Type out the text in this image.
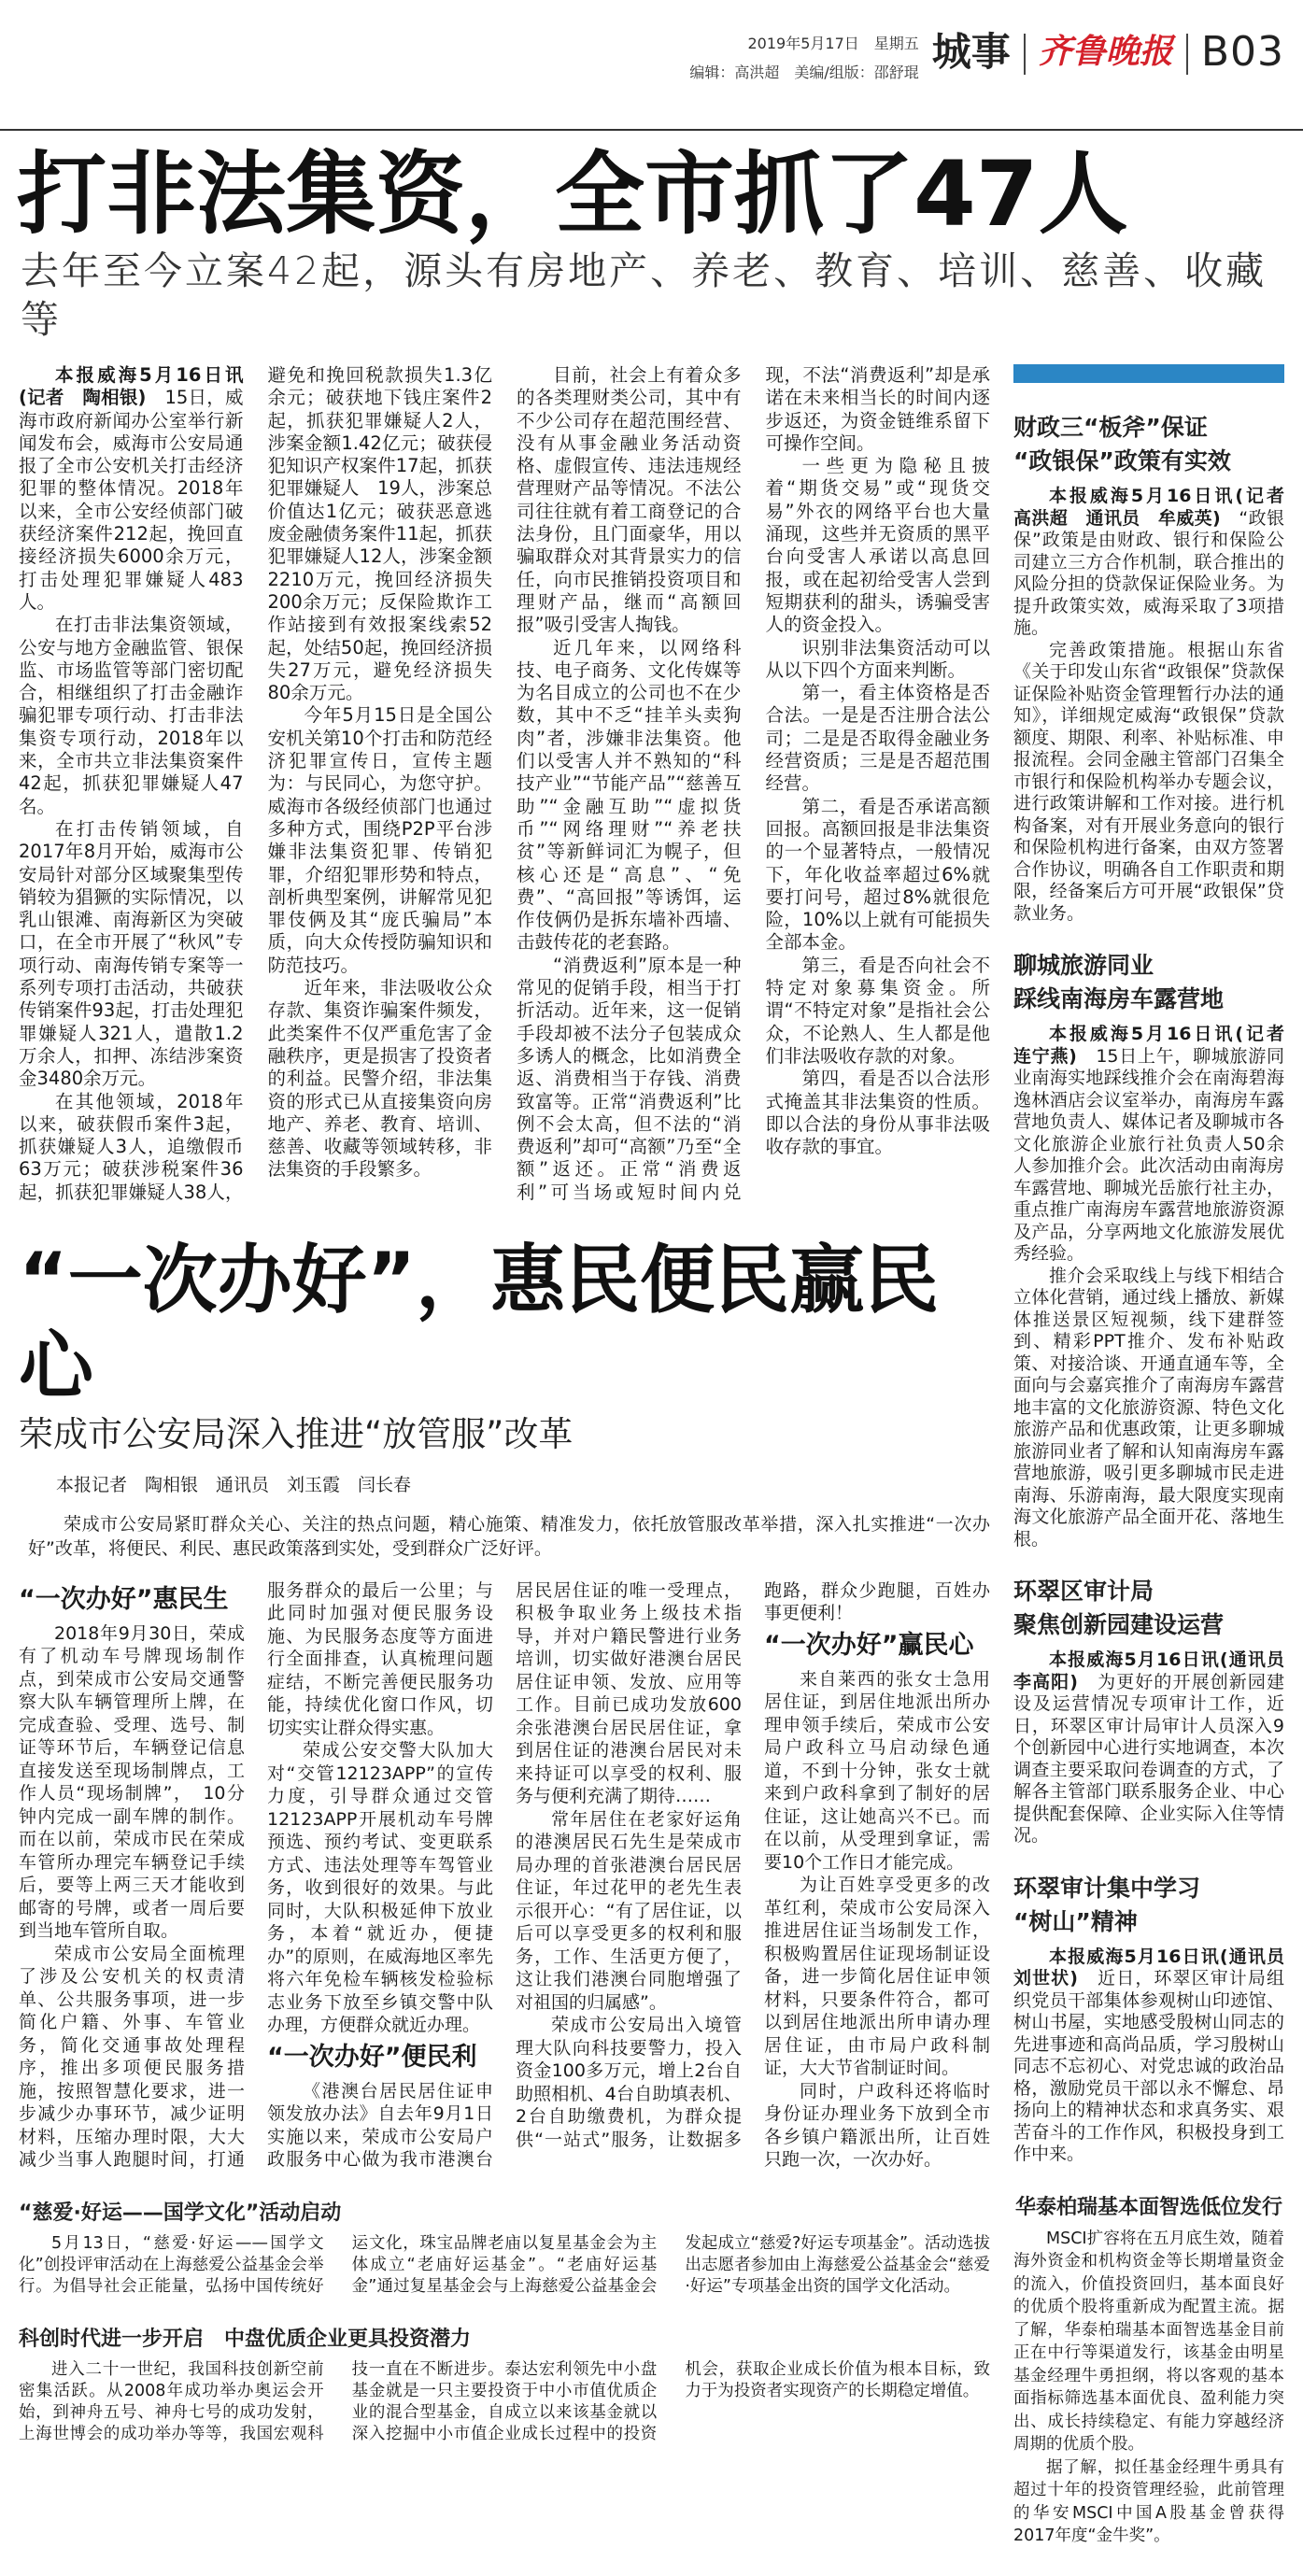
2019年5月17日　 星期五
编辑：高洪超　美编/组版：邵舒琨 城事 齐鲁晚报 B03
打非法集资，全市抓了47人
去年至今立案42起，源头有房地产、养老、教育、培训、慈善、收藏等

本报威海5月16日讯(记者　陶相银)　 15日，威海市政府新闻办公室举行新闻发布会，威海市公安局通报了全市公安机关打击经济犯罪的整体情况。2018年以来，全市公安经侦部门破获经济案件212起，挽回直接经济损失6000余万元，打击处理犯罪嫌疑人483人。

在打击非法集资领域，公安与地方金融监管、银保监、市场监管等部门密切配合，相继组织了打击金融诈骗犯罪专项行动、打击非法集资专项行动，2018年以来，全市共立非法集资案件42起，抓获犯罪嫌疑人47名。

在打击传销领域，自2017年8月开始，威海市公安局针对部分区域聚集型传销较为猖獗的实际情况，以乳山银滩、南海新区为突破口，在全市开展了“秋风”专项行动、南海传销专案等一系列专项打击活动，共破获传销案件93起，打击处理犯罪嫌疑人321人，遣散1.2万余人，扣押、冻结涉案资金3480余万元。

在其他领域，2018年以来，破获假币案件3起，抓获嫌疑人3人，追缴假币63万元；破获涉税案件36起，抓获犯罪嫌疑人38人，避免和挽回税款损失1.3亿余元；破获地下钱庄案件2起，抓获犯罪嫌疑人2人，涉案金额1.42亿元；破获侵犯知识产权案件17起，抓获犯罪嫌疑人　19人，涉案总价值达1亿元；破获恶意逃废金融债务案件11起，抓获犯罪嫌疑人12人，涉案金额2210万元，挽回经济损失200余万元；反保险欺诈工作站接到有效报案线索52起，处结50起，挽回经济损失27万元，避免经济损失80余万元。

今年5月15日是全国公安机关第10个打击和防范经济犯罪宣传日，宣传主题为：与民同心，为您守护。威海市各级经侦部门也通过多种方式，围绕P2P平台涉嫌非法集资犯罪、传销犯罪，介绍犯罪形势和特点，剖析典型案例，讲解常见犯罪伎俩及其“庞氏骗局”本质，向大众传授防骗知识和防范技巧。

近年来，非法吸收公众存款、集资诈骗案件频发，此类案件不仅严重危害了金融秩序，更是损害了投资者的利益。民警介绍，非法集资的形式已从直接集资向房地产、养老、教育、培训、慈善、收藏等领域转移，非法集资的手段繁多。

目前，社会上有着众多的各类理财类公司，其中有不少公司存在超范围经营、没有从事金融业务活动资格、虚假宣传、违法违规经营理财产品等情况。不法公司往往就有着工商登记的合法身份，且门面豪华，用以骗取群众对其背景实力的信任，向市民推销投资项目和理财产品，继而“高额回报”吸引受害人掏钱。

近几年来，以网络科技、电子商务、文化传媒等为名目成立的公司也不在少数，其中不乏“挂羊头卖狗肉”者，涉嫌非法集资。他们以受害人并不熟知的“科技产业”“节能产品”“慈善互助”“金融互助”“虚拟货币”“网络理财”“养老扶贫”等新鲜词汇为幌子，但核心还是“高息”、“免费”、“高回报”等诱饵，运作伎俩仍是拆东墙补西墙、击鼓传花的老套路。

“消费返利”原本是一种常见的促销手段，相当于打折活动。近年来，这一促销手段却被不法分子包装成众多诱人的概念，比如消费全返、消费相当于存钱、消费致富等。正常“消费返利”比例不会太高，但不法的“消费返利”却可“高额”乃至“全额”返还。正常“消费返利”可当场或短时间内兑现，不法“消费返利”却是承诺在未来相当长的时间内逐步返还，为资金链维系留下可操作空间。

一些更为隐秘且披着“期货交易”或“现货交易”外衣的网络平台也大量涌现，这些并无资质的黑平台向受害人承诺以高息回报，或在起初给受害人尝到短期获利的甜头，诱骗受害人的资金投入。

识别非法集资活动可以从以下四个方面来判断。

第一，看主体资格是否合法。一是是否注册合法公司；二是是否取得金融业务经营资质；三是是否超范围经营。

第二，看是否承诺高额回报。高额回报是非法集资的一个显著特点，一般情况下，年化收益率超过6%就要打问号，超过8%就很危险，10%以上就有可能损失全部本金。

第三，看是否向社会不特定对象募集资金。所谓“不特定对象”是指社会公众，不论熟人、生人都是他们非法吸收存款的对象。

第四，看是否以合法形式掩盖其非法集资的性质。即以合法的身份从事非法吸收存款的事宜。

“一次办好”，惠民便民赢民心
荣成市公安局深入推进“放管服”改革
本报记者　陶相银　通讯员　刘玉霞　闫长春

荣成市公安局紧盯群众关心、关注的热点问题，精心施策、精准发力，依托放管服改革举措，深入扎实推进“一次办好”改革，将便民、利民、惠民政策落到实处，受到群众广泛好评。

“一次办好”惠民生

2018年9月30日，荣成有了机动车号牌现场制作点，到荣成市公安局交通警察大队车辆管理所上牌，在完成查验、受理、选号、制证等环节后，车辆登记信息直接发送至现场制牌点，工作人员“现场制牌”，　10分钟内完成一副车牌的制作。而在以前，荣成市民在荣成车管所办理完车辆登记手续后，要等上两三天才能收到邮寄的号牌，或者一周后要到当地车管所自取。

荣成市公安局全面梳理了涉及公安机关的权责清单、公共服务事项，进一步简化户籍、外事、车管业务，简化交通事故处理程序，推出多项便民服务措施，按照智慧化要求，进一步减少办事环节，减少证明材料，压缩办理时限，大大减少当事人跑腿时间，打通服务群众的最后一公里；与此同时加强对便民服务设施、为民服务态度等方面进行全面排查，认真梳理问题症结，不断完善便民服务功能，持续优化窗口作风，切切实实让群众得实惠。

荣成公安交警大队加大对“交管12123APP”的宣传力度，引导群众通过交管12123APP开展机动车号牌预选、预约考试、变更联系方式、违法处理等车驾管业务，收到很好的效果。与此同时，大队积极延伸下放业务，本着“就近办，便捷办”的原则，在威海地区率先将六年免检车辆核发检验标志业务下放至乡镇交警中队办理，方便群众就近办理。

“一次办好”便民利

《港澳台居民居住证申领发放办法》自去年9月1日实施以来，荣成市公安局户政服务中心做为我市港澳台居民居住证的唯一受理点，积极争取业务上级技术指导，并对户籍民警进行业务培训，切实做好港澳台居民居住证申领、发放、应用等工作。目前已成功发放600余张港澳台居民居住证，拿到居住证的港澳台居民对未来持证可以享受的权利、服务与便利充满了期待……

常年居住在老家好运角的港澳居民石先生是荣成市局办理的首张港澳台居民居住证，年过花甲的老先生表示很开心：“有了居住证，以后可以享受更多的权利和服务，工作、生活更方便了，这让我们港澳台同胞增强了对祖国的归属感”。

荣成市公安局出入境管理大队向科技要警力，投入资金100多万元，增上2台自助照相机、4台自助填表机、2台自助缴费机，为群众提供“一站式”服务，让数据多跑路，群众少跑腿，百姓办事更便利！

“一次办好”赢民心

来自莱西的张女士急用居住证，到居住地派出所办理申领手续后，荣成市公安局户政科立马启动绿色通道，不到十分钟，张女士就来到户政科拿到了制好的居住证，这让她高兴不已。而在以前，从受理到拿证，需要10个工作日才能完成。

为让百姓享受更多的改革红利，荣成市公安局深入推进居住证当场制发工作，积极购置居住证现场制证设备，进一步简化居住证申领材料，只要条件符合，都可以到居住地派出所申请办理居住证，由市局户政科制证，大大节省制证时间。

同时，户政科还将临时身份证办理业务下放到全市各乡镇户籍派出所，让百姓只跑一次，一次办好。

“慈爱·好运——国学文化”活动启动

5月13日，“慈爱·好运——国学文化”创投评审活动在上海慈爱公益基金会举行。为倡导社会正能量，弘扬中国传统好运文化，珠宝品牌老庙以复星基金会为主体成立“老庙好运基金”。“老庙好运基金”通过复星基金会与上海慈爱公益基金会发起成立“慈爱?好运专项基金”。活动选拔出志愿者参加由上海慈爱公益基金会“慈爱·好运”专项基金出资的国学文化活动。

科创时代进一步开启　中盘优质企业更具投资潜力

进入二十一世纪，我国科技创新空前密集活跃。从2008年成功举办奥运会开始，到神舟五号、神舟七号的成功发射，上海世博会的成功举办等等，我国宏观科技一直在不断进步。泰达宏利领先中小盘基金就是一只主要投资于中小市值优质企业的混合型基金，自成立以来该基金就以深入挖掘中小市值企业成长过程中的投资机会，获取企业成长价值为根本目标，致力于为投资者实现资产的长期稳定增值。

财政三“板斧”保证
“政银保”政策有实效

本报威海5月16日讯(记者　高洪超　通讯员　牟威英)　 “政银保”政策是由财政、银行和保险公司建立三方合作机制，联合推出的风险分担的贷款保证保险业务。为提升政策实效，威海采取了3项措施。

完善政策措施。根据山东省《关于印发山东省“政银保”贷款保证保险补贴资金管理暂行办法的通知》，详细规定威海“政银保”贷款额度、期限、利率、补贴标准、申报流程。会同金融主管部门召集全市银行和保险机构举办专题会议，进行政策讲解和工作对接。进行机构备案，对有开展业务意向的银行和保险机构进行备案，由双方签署合作协议，明确各自工作职责和期限，经备案后方可开展“政银保”贷款业务。

聊城旅游同业
踩线南海房车露营地

本报威海5月16日讯(记者　连宁燕)　 15日上午，聊城旅游同业南海实地踩线推介会在南海碧海逸林酒店会议室举办，南海房车露营地负责人、媒体记者及聊城市各文化旅游企业旅行社负责人50余人参加推介会。此次活动由南海房车露营地、聊城光岳旅行社主办，重点推广南海房车露营地旅游资源及产品，分享两地文化旅游发展优秀经验。

推介会采取线上与线下相结合立体化营销，通过线上播放、新媒体推送景区短视频，线下建群签到、精彩PPT推介、发布补贴政策、对接洽谈、开通直通车等，全面向与会嘉宾推介了南海房车露营地丰富的文化旅游资源、特色文化旅游产品和优惠政策，让更多聊城旅游同业者了解和认知南海房车露营地旅游，吸引更多聊城市民走进南海、乐游南海，最大限度实现南海文化旅游产品全面开花、落地生根。

环翠区审计局
聚焦创新园建设运营

本报威海5月16日讯(通讯员　李高阳)　 为更好的开展创新园建设及运营情况专项审计工作，近日，环翠区审计局审计人员深入9个创新园中心进行实地调查，本次调查主要采取问卷调查的方式，了解各主管部门联系服务企业、中心提供配套保障、企业实际入住等情况。

环翠审计集中学习
“树山”精神

本报威海5月16日讯(通讯员　刘世状)　 近日，环翠区审计局组织党员干部集体参观树山印迹馆、树山书屋，实地感受殷树山同志的先进事迹和高尚品质，学习殷树山同志不忘初心、对党忠诚的政治品格，激励党员干部以永不懈怠、昂扬向上的精神状态和求真务实、艰苦奋斗的工作作风，积极投身到工作中来。

华泰柏瑞基本面智选低位发行

MSCI扩容将在五月底生效，随着海外资金和机构资金等长期增量资金的流入，价值投资回归，基本面良好的优质个股将重新成为配置主流。据了解，华泰柏瑞基本面智选基金目前正在中行等渠道发行，该基金由明星基金经理牛勇担纲，将以客观的基本面指标筛选基本面优良、盈利能力突出、成长持续稳定、有能力穿越经济周期的优质个股。

据了解，拟任基金经理牛勇具有超过十年的投资管理经验，此前管理的华安MSCI中国A股基金曾获得2017年度“金牛奖”。
